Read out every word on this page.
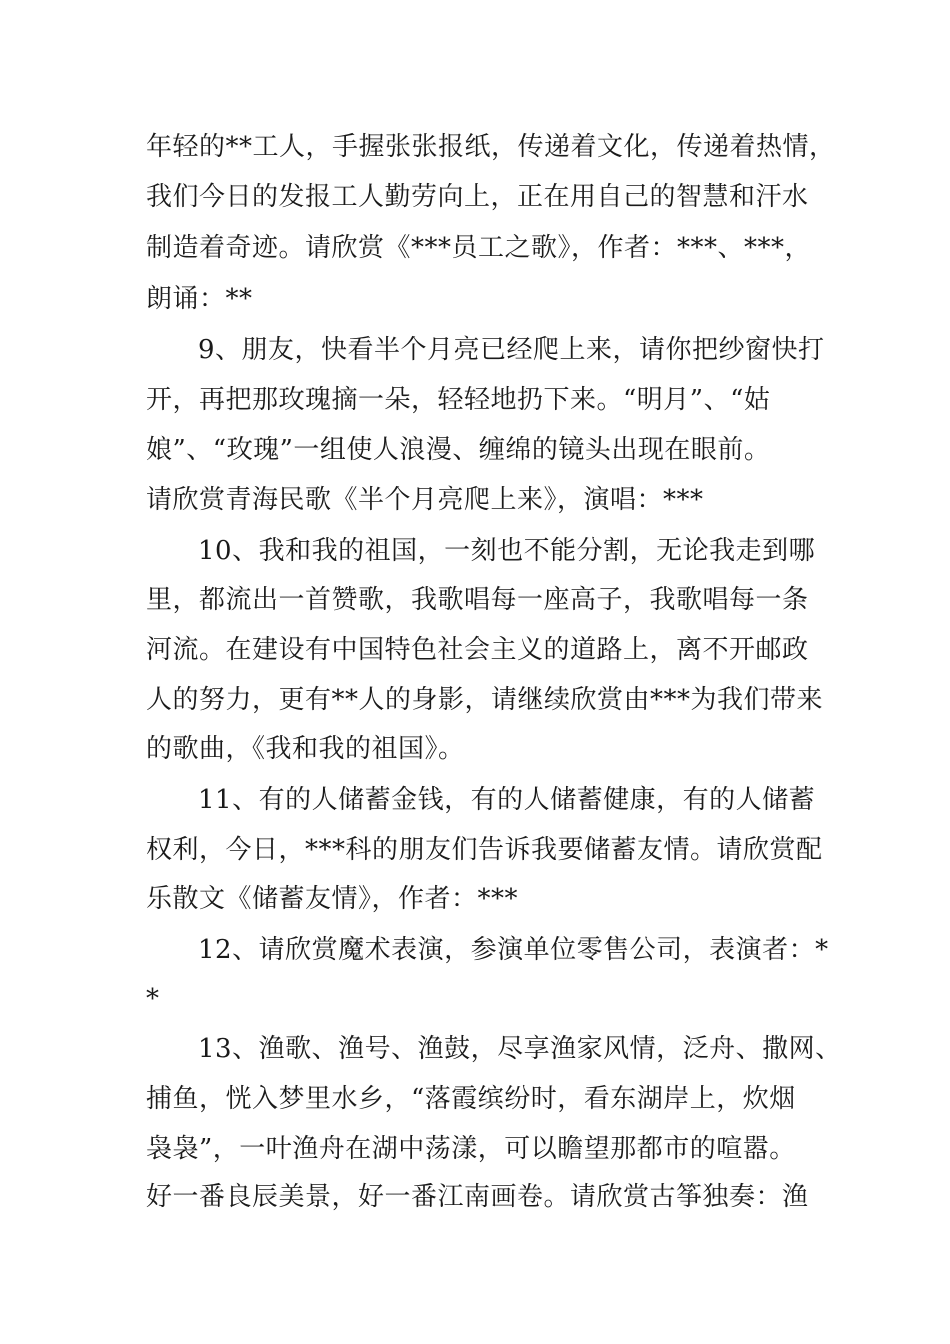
年轻的**工人，手握张张报纸，传递着文化，传递着热情，
我们今日的发报工人勤劳向上，正在用自己的智慧和汗水
制造着奇迹。请欣赏《***员工之歌》，作者：***、***，
朗诵：**
9、朋友，快看半个月亮已经爬上来，请你把纱窗快打
开，再把那玫瑰摘一朵，轻轻地扔下来。“明月”、“姑
娘”、“玫瑰”一组使人浪漫、缠绵的镜头出现在眼前。
请欣赏青海民歌《半个月亮爬上来》，演唱：***
10、我和我的祖国，一刻也不能分割，无论我走到哪
里，都流出一首赞歌，我歌唱每一座高子，我歌唱每一条
河流。在建设有中国特色社会主义的道路上，离不开邮政
人的努力，更有**人的身影，请继续欣赏由***为我们带来
的歌曲，《我和我的祖国》。
11、有的人储蓄金钱，有的人储蓄健康，有的人储蓄
权利，今日，***科的朋友们告诉我要储蓄友情。请欣赏配
乐散文《储蓄友情》，作者：***
12、请欣赏魔术表演，参演单位零售公司，表演者：*
*
13、渔歌、渔号、渔鼓，尽享渔家风情，泛舟、撒网、
捕鱼，恍入梦里水乡，“落霞缤纷时，看东湖岸上，炊烟
袅袅”，一叶渔舟在湖中荡漾，可以瞻望那都市的喧嚣。
好一番良辰美景，好一番江南画卷。请欣赏古筝独奏：渔
